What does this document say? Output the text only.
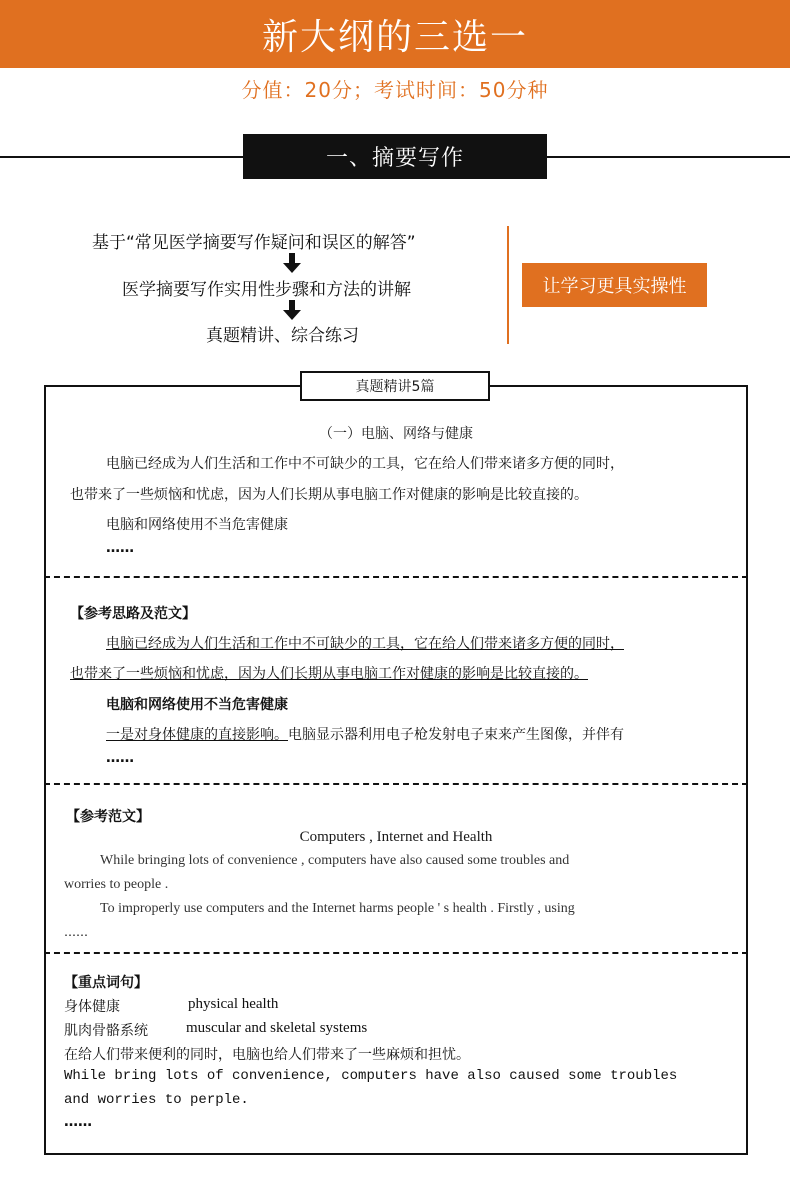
新大纲的三选一
分值：20分；考试时间：50分种
一、摘要写作
基于“常见医学摘要写作疑问和误区的解答”
医学摘要写作实用性步骤和方法的讲解
真题精讲、综合练习
让学习更具实操性
真题精讲5篇
（一）电脑、网络与健康
电脑已经成为人们生活和工作中不可缺少的工具，它在给人们带来诸多方便的同时，
也带来了一些烦恼和忧虑，因为人们长期从事电脑工作对健康的影响是比较直接的。
电脑和网络使用不当危害健康
……
【参考思路及范文】
电脑已经成为人们生活和工作中不可缺少的工具，它在给人们带来诸多方便的同时，
也带来了一些烦恼和忧虑，因为人们长期从事电脑工作对健康的影响是比较直接的。
电脑和网络使用不当危害健康
一是对身体健康的直接影响。电脑显示器利用电子枪发射电子束来产生图像，并伴有
……
【参考范文】
Computers , Internet and Health
While bringing lots of convenience , computers have also caused some troubles and
worries to people .
To improperly use computers and the Internet harms people ' s health . Firstly , using
……
【重点词句】
身体健康	physical health
肌肉骨骼系统	muscular and skeletal systems
在给人们带来便利的同时，电脑也给人们带来了一些麻烦和担忧。
While bring lots of convenience, computers have also caused some troubles
and worries to perple.
……
